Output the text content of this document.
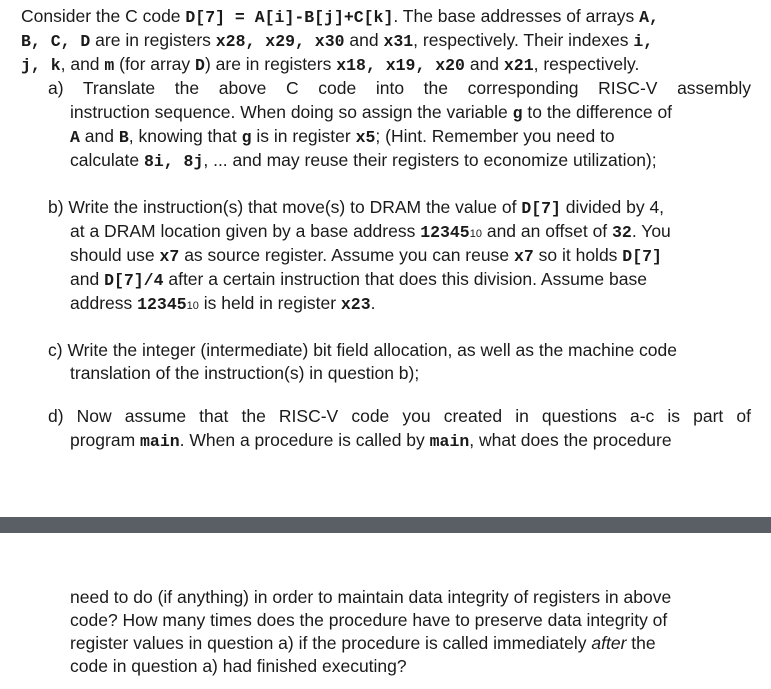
Consider the C code D[7] = A[i]-B[j]+C[k]. The base addresses of arrays A,
B, C, D are in registers x28, x29, x30 and x31, respectively. Their indexes i,
j, k, and m (for array D) are in registers x18, x19, x20 and x21, respectively.
a) Translate the above C code into the corresponding RISC-V assembly
instruction sequence. When doing so assign the variable g to the difference of
A and B, knowing that g is in register x5; (Hint. Remember you need to
calculate 8i, 8j, ... and may reuse their registers to economize utilization);
b) Write the instruction(s) that move(s) to DRAM the value of D[7] divided by 4,
at a DRAM location given by a base address 1234510 and an offset of 32. You
should use x7 as source register. Assume you can reuse x7 so it holds D[7]
and D[7]/4 after a certain instruction that does this division. Assume base
address 1234510 is held in register x23.
c) Write the integer (intermediate) bit field allocation, as well as the machine code
translation of the instruction(s) in question b);
d) Now assume that the RISC-V code you created in questions a-c is part of
program main. When a procedure is called by main, what does the procedure
need to do (if anything) in order to maintain data integrity of registers in above
code? How many times does the procedure have to preserve data integrity of
register values in question a) if the procedure is called immediately after the
code in question a) had finished executing?
